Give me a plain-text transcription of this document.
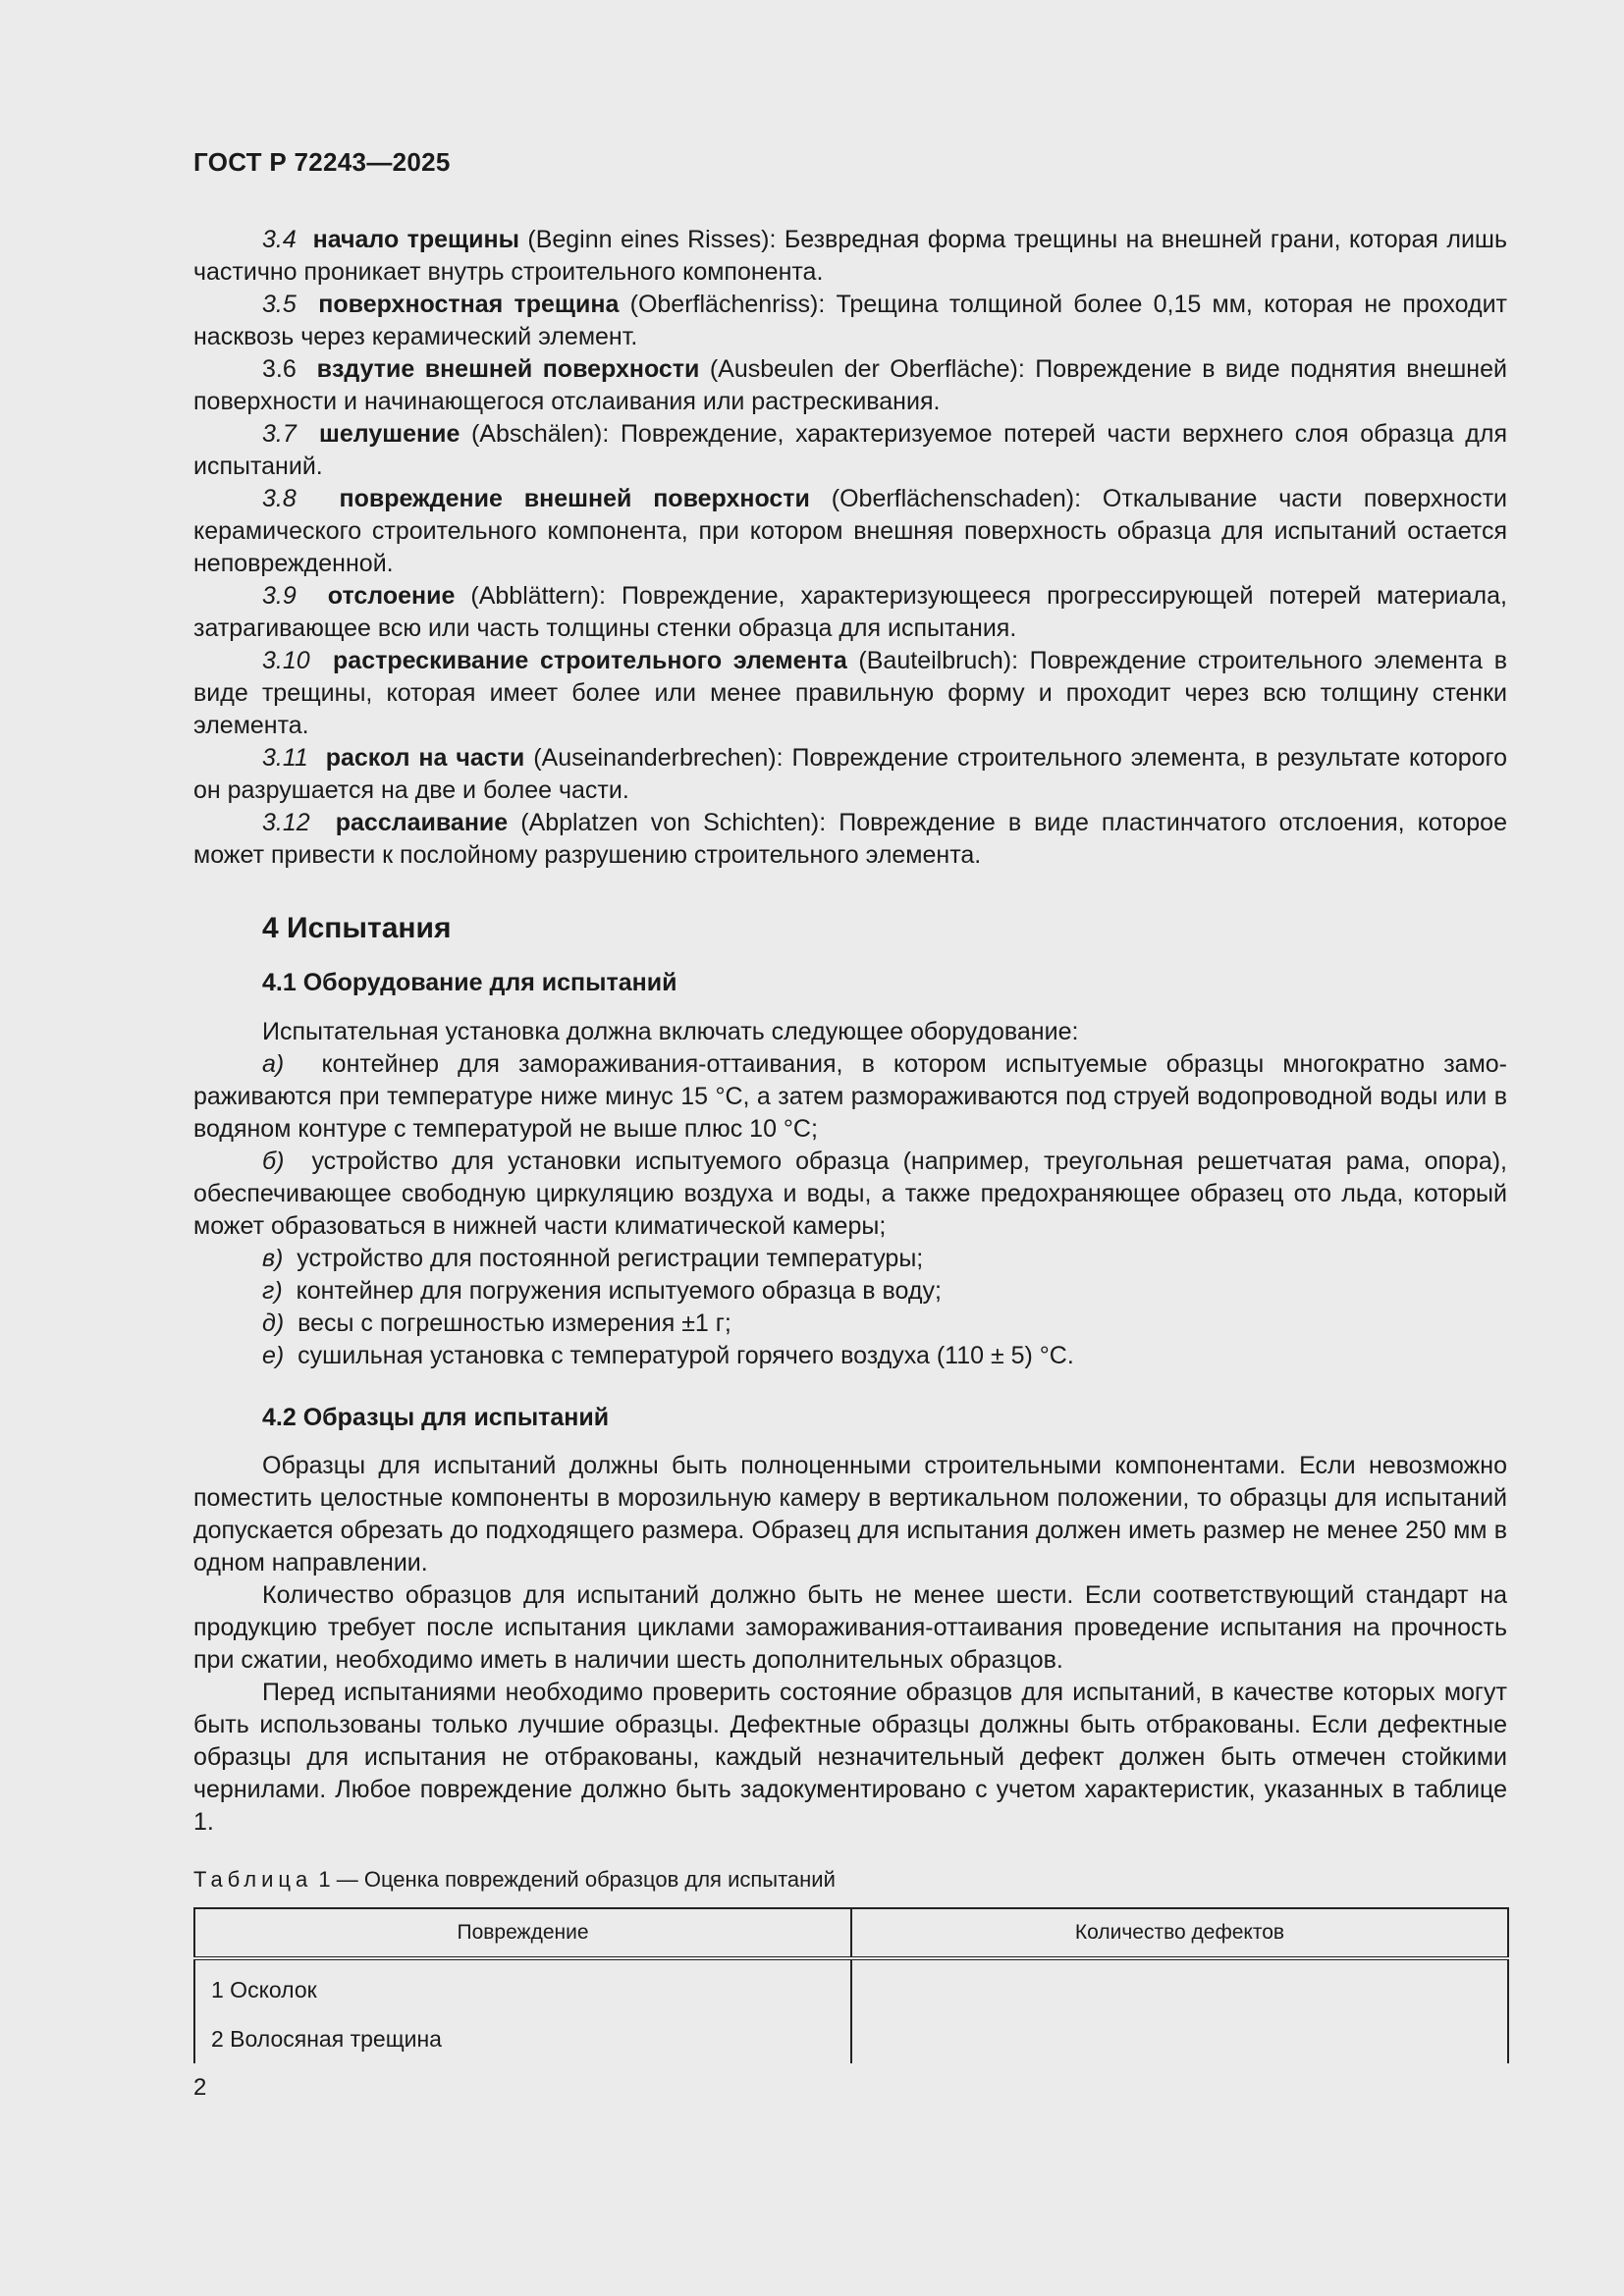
ГОСТ Р 72243—2025

3.4 начало трещины (Beginn eines Risses): Безвредная форма трещины на внешней грани, которая лишь частично проникает внутрь строительного компонента.

3.5 поверхностная трещина (Oberflächenriss): Трещина толщиной более 0,15 мм, которая не проходит насквозь через керамический элемент.

3.6 вздутие внешней поверхности (Ausbeulen der Oberfläche): Повреждение в виде поднятия внешней поверхности и начинающегося отслаивания или растрескивания.

3.7 шелушение (Abschälen): Повреждение, характеризуемое потерей части верхнего слоя образца для испытаний.

3.8 повреждение внешней поверхности (Oberflächenschaden): Откалывание части поверхности керамического строительного компонента, при котором внешняя поверхность образца для испытаний остается неповрежденной.

3.9 отслоение (Abblättern): Повреждение, характеризующееся прогрессирующей потерей материала, затрагивающее всю или часть толщины стенки образца для испытания.

3.10 растрескивание строительного элемента (Bauteilbruch): Повреждение строительного элемента в виде трещины, которая имеет более или менее правильную форму и проходит через всю толщину стенки элемента.

3.11 раскол на части (Auseinanderbrechen): Повреждение строительного элемента, в результате которого он разрушается на две и более части.

3.12 расслаивание (Abplatzen von Schichten): Повреждение в виде пластинчатого отслоения, которое может привести к послойному разрушению строительного элемента.

4 Испытания
4.1 Оборудование для испытаний

Испытательная установка должна включать следующее оборудование:

а) контейнер для замораживания-оттаивания, в котором испытуемые образцы многократно замораживаются при температуре ниже минус 15 °С, а затем размораживаются под струей водопроводной воды или в водяном контуре с температурой не выше плюс 10 °С;

б) устройство для установки испытуемого образца (например, треугольная решетчатая рама, опора), обеспечивающее свободную циркуляцию воздуха и воды, а также предохраняющее образец ото льда, который может образоваться в нижней части климатической камеры;

в) устройство для постоянной регистрации температуры;

г) контейнер для погружения испытуемого образца в воду;

д) весы с погрешностью измерения ±1 г;

е) сушильная установка с температурой горячего воздуха (110 ± 5) °С.

4.2 Образцы для испытаний

Образцы для испытаний должны быть полноценными строительными компонентами. Если невозможно поместить целостные компоненты в морозильную камеру в вертикальном положении, то образцы для испытаний допускается обрезать до подходящего размера. Образец для испытания должен иметь размер не менее 250 мм в одном направлении.

Количество образцов для испытаний должно быть не менее шести. Если соответствующий стандарт на продукцию требует после испытания циклами замораживания-оттаивания проведение испытания на прочность при сжатии, необходимо иметь в наличии шесть дополнительных образцов.

Перед испытаниями необходимо проверить состояние образцов для испытаний, в качестве которых могут быть использованы только лучшие образцы. Дефектные образцы должны быть отбракованы. Если дефектные образцы для испытания не отбракованы, каждый незначительный дефект должен быть отмечен стойкими чернилами. Любое повреждение должно быть задокументировано с учетом характеристик, указанных в таблице 1.

Таблица 1 — Оценка повреждений образцов для испытаний
Повреждение	Количество дефектов
1 Осколок	
2 Волосяная трещина	
2
